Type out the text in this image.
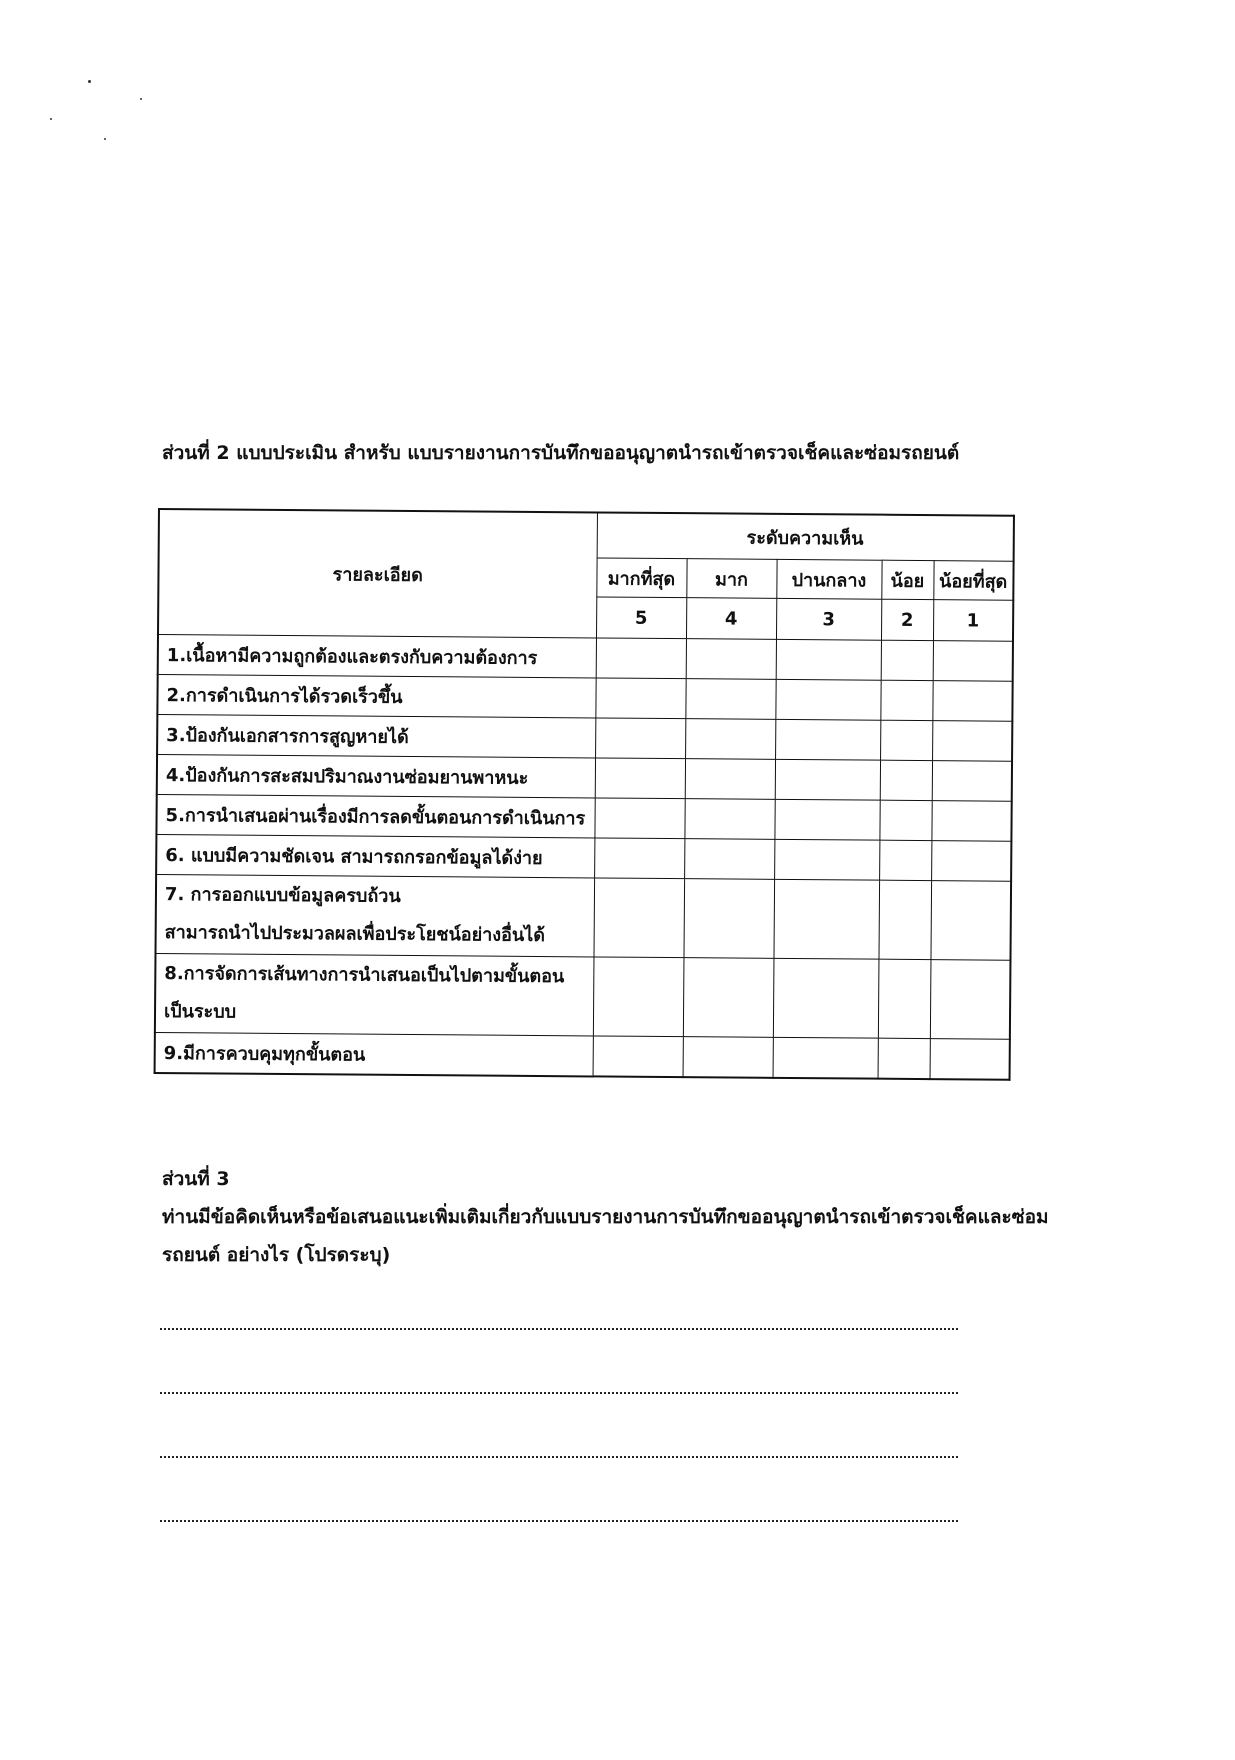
ส่วนที่ 2 แบบประเมิน สำหรับ แบบรายงานการบันทึกขออนุญาตนำรถเข้าตรวจเช็คและซ่อมรถยนต์
รายละเอียด	ระดับความเห็น				
	มากที่สุด	มาก	ปานกลาง	น้อย	น้อยที่สุด
	5	4	3	2	1

1.เนื้อหามีความถูกต้องและตรงกับความต้องการ					

2.การดำเนินการได้รวดเร็วขึ้น					

3.ป้องกันเอกสารการสูญหายได้					

4.ป้องกันการสะสมปริมาณงานซ่อมยานพาหนะ					

5.การนำเสนอผ่านเรื่องมีการลดขั้นตอนการดำเนินการ					

6. แบบมีความชัดเจน สามารถกรอกข้อมูลได้ง่าย					

7. การออกแบบข้อมูลครบถ้วน
สามารถนำไปประมวลผลเพื่อประโยชน์อย่างอื่นได้					

8.การจัดการเส้นทางการนำเสนอเป็นไปตามขั้นตอน
เป็นระบบ					

9.มีการควบคุมทุกขั้นตอน					

ส่วนที่ 3
ท่านมีข้อคิดเห็นหรือข้อเสนอแนะเพิ่มเติมเกี่ยวกับแบบรายงานการบันทึกขออนุญาตนำรถเข้าตรวจเช็คและซ่อมรถยนต์ อย่างไร (โปรดระบุ)
